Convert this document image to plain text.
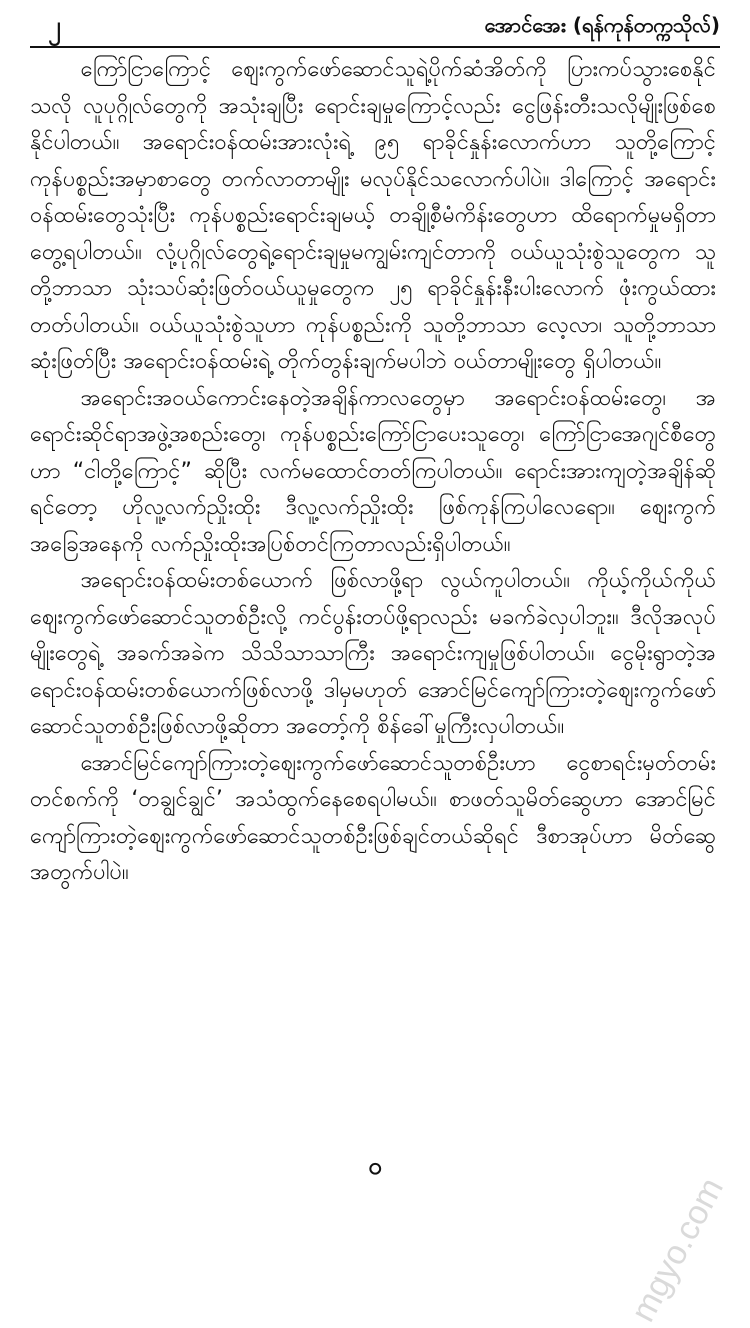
၂	အောင်အေး (ရန်ကုန်တက္ကသိုလ်)

ကြော်ငြာကြောင့် ဈေးကွက်ဖော်ဆောင်သူရဲ့ပိုက်ဆံအိတ်ကို ပြားကပ်သွားစေနိုင်သလို လူပုဂ္ဂိုလ်တွေကို အသုံးချပြီး ရောင်းချမှုကြောင့်လည်း ငွေဖြန်းတီးသလိုမျိုးဖြစ်စေနိုင်ပါတယ်။ အရောင်းဝန်ထမ်းအားလုံးရဲ့ ၉၅ ရာခိုင်နှုန်းလောက်ဟာ သူတို့ကြောင့် ကုန်ပစ္စည်းအမှာစာတွေ တက်လာတာမျိုး မလုပ်နိုင်သလောက်ပါပဲ။ ဒါကြောင့် အရောင်းဝန်ထမ်းတွေသုံးပြီး ကုန်ပစ္စည်းရောင်းချမယ့် တချို့စီမံကိန်းတွေဟာ ထိရောက်မှုမရှိတာ တွေ့ရပါတယ်။ လုံ့ပုဂ္ဂိုလ်တွေရဲ့ရောင်းချမှုမကျွမ်းကျင်တာကို ဝယ်ယူသုံးစွဲသူတွေက သူတို့ဘာသာ သုံးသပ်ဆုံးဖြတ်ဝယ်ယူမှုတွေက ၂၅ ရာခိုင်နှုန်းနီးပါးလောက် ဖုံးကွယ်ထားတတ်ပါတယ်။ ဝယ်ယူသုံးစွဲသူဟာ ကုန်ပစ္စည်းကို သူတို့ဘာသာ လေ့လာ၊ သူတို့ဘာသာ ဆုံးဖြတ်ပြီး အရောင်းဝန်ထမ်းရဲ့ တိုက်တွန်းချက်မပါဘဲ ဝယ်တာမျိုးတွေ ရှိပါတယ်။

အရောင်းအဝယ်ကောင်းနေတဲ့အချိန်ကာလတွေမှာ အရောင်းဝန်ထမ်းတွေ၊ အရောင်းဆိုင်ရာအဖွဲ့အစည်းတွေ၊ ကုန်ပစ္စည်းကြော်ငြာပေးသူတွေ၊ ကြော်ငြာအေဂျင်စီတွေဟာ “ငါတို့ကြောင့်” ဆိုပြီး လက်မထောင်တတ်ကြပါတယ်။ ရောင်းအားကျတဲ့အချိန်ဆိုရင်တော့ ဟိုလူ့လက်ညှိုးထိုး ဒီလူ့လက်ညှိုးထိုး ဖြစ်ကုန်ကြပါလေရော။ ဈေးကွက်အခြေအနေကို လက်ညှိုးထိုးအပြစ်တင်ကြတာလည်းရှိပါတယ်။

အရောင်းဝန်ထမ်းတစ်ယောက် ဖြစ်လာဖို့ရာ လွယ်ကူပါတယ်။ ကိုယ့်ကိုယ်ကိုယ် ဈေးကွက်ဖော်ဆောင်သူတစ်ဦးလို့ ကင်ပွန်းတပ်ဖို့ရာလည်း မခက်ခဲလှပါဘူး။ ဒီလိုအလုပ်မျိုးတွေရဲ့ အခက်အခဲက သိသိသာသာကြီး အရောင်းကျမှုဖြစ်ပါတယ်။ ငွေမိုးရွာတဲ့အရောင်းဝန်ထမ်းတစ်ယောက်ဖြစ်လာဖို့ ဒါမှမဟုတ် အောင်မြင်ကျော်ကြားတဲ့ဈေးကွက်ဖော်ဆောင်သူတစ်ဦးဖြစ်လာဖို့ဆိုတာ အတော့်ကို စိန်ခေါ်မှုကြီးလှပါတယ်။

အောင်မြင်ကျော်ကြားတဲ့ဈေးကွက်ဖော်ဆောင်သူတစ်ဦးဟာ ငွေစာရင်းမှတ်တမ်းတင်စက်ကို ‘တချွင်ချွင်’ အသံထွက်နေစေရပါမယ်။ စာဖတ်သူမိတ်ဆွေဟာ အောင်မြင်ကျော်ကြားတဲ့ဈေးကွက်ဖော်ဆောင်သူတစ်ဦးဖြစ်ချင်တယ်ဆိုရင် ဒီစာအုပ်ဟာ မိတ်ဆွေအတွက်ပါပဲ။

၀
mgyo.com
